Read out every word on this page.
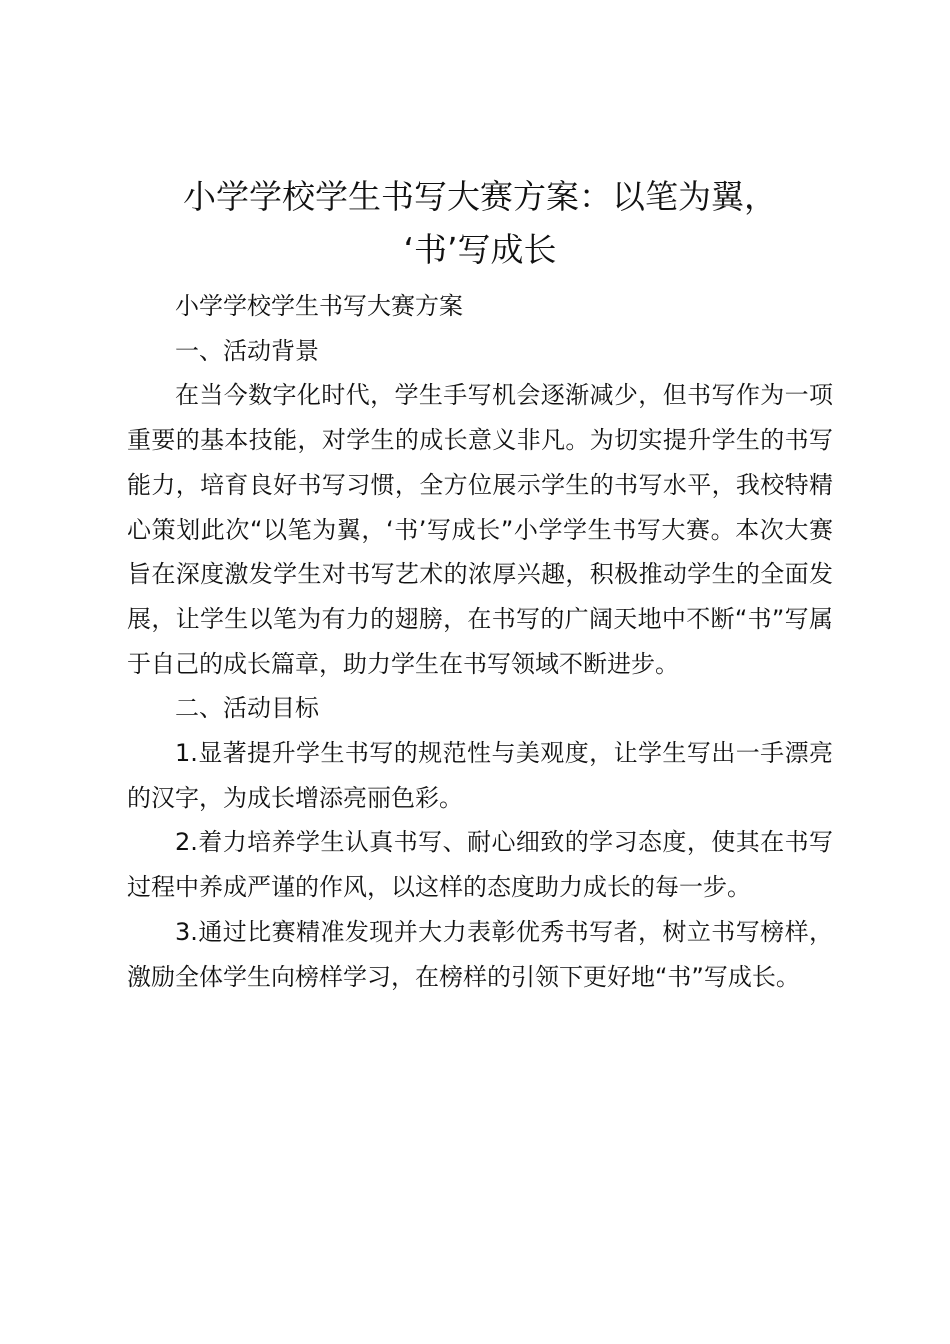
小学学校学生书写大赛方案：以笔为翼，
‘书’写成长

小学学校学生书写大赛方案

一、活动背景

在当今数字化时代，学生手写机会逐渐减少，但书写作为一项重要的基本技能，对学生的成长意义非凡。为切实提升学生的书写能力，培育良好书写习惯，全方位展示学生的书写水平，我校特精心策划此次“以笔为翼，‘书’写成长”小学学生书写大赛。本次大赛旨在深度激发学生对书写艺术的浓厚兴趣，积极推动学生的全面发展，让学生以笔为有力的翅膀，在书写的广阔天地中不断“书”写属于自己的成长篇章，助力学生在书写领域不断进步。

二、活动目标

1.显著提升学生书写的规范性与美观度，让学生写出一手漂亮的汉字，为成长增添亮丽色彩。

2.着力培养学生认真书写、耐心细致的学习态度，使其在书写过程中养成严谨的作风，以这样的态度助力成长的每一步。

3.通过比赛精准发现并大力表彰优秀书写者，树立书写榜样，激励全体学生向榜样学习，在榜样的引领下更好地“书”写成长。
